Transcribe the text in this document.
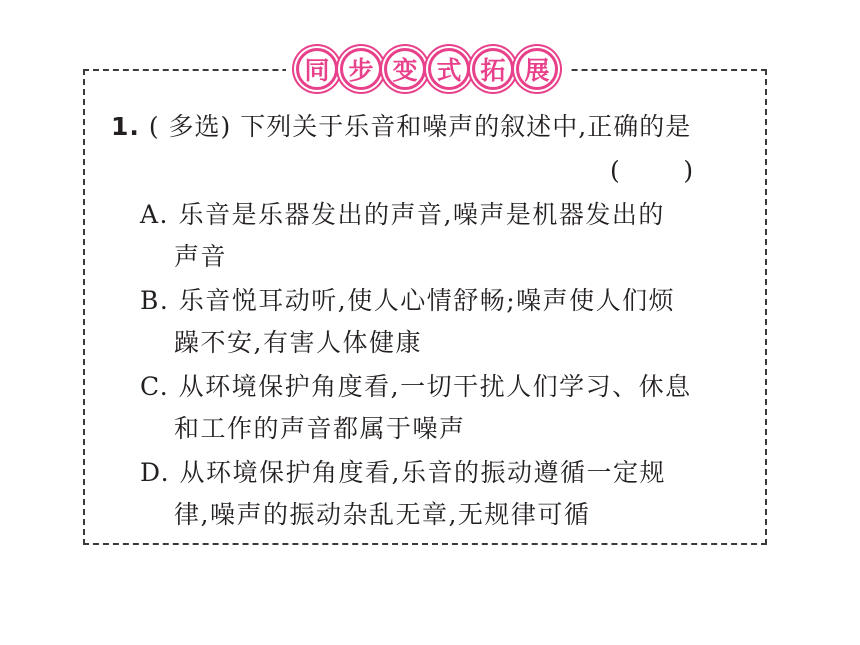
同 步 变 式 拓 展
1. ( 多选) 下列关于乐音和噪声的叙述中,正确的是
(        )
A. 乐音是乐器发出的声音,噪声是机器发出的
声音
B. 乐音悦耳动听,使人心情舒畅;噪声使人们烦
躁不安,有害人体健康
C. 从环境保护角度看,一切干扰人们学习、休息
和工作的声音都属于噪声
D. 从环境保护角度看,乐音的振动遵循一定规
律,噪声的振动杂乱无章,无规律可循
